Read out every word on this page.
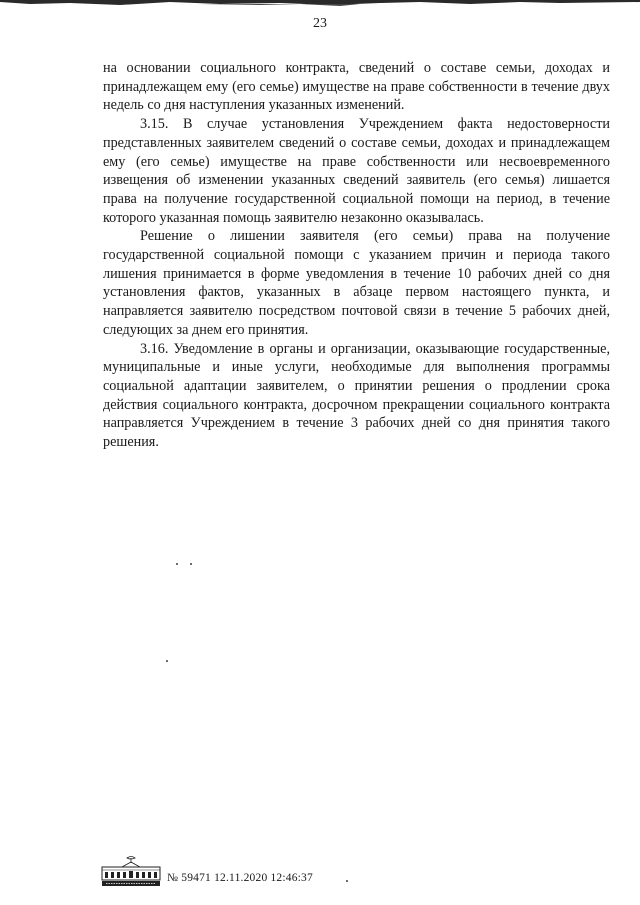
23

на основании социального контракта, сведений о составе семьи, доходах и принадлежащем ему (его семье) имуществе на праве собственности в течение двух недель со дня наступления указанных изменений.

3.15. В случае установления Учреждением факта недостоверности представленных заявителем сведений о составе семьи, доходах и принадлежащем ему (его семье) имуществе на праве собственности или несвоевременного извещения об изменении указанных сведений заявитель (его семья) лишается права на получение государственной социальной помощи на период, в течение которого указанная помощь заявителю незаконно оказывалась.

Решение о лишении заявителя (его семьи) права на получение государственной социальной помощи с указанием причин и периода такого лишения принимается в форме уведомления в течение 10 рабочих дней со дня установления фактов, указанных в абзаце первом настоящего пункта, и направляется заявителю посредством почтовой связи в течение 5 рабочих дней, следующих за днем его принятия.

3.16. Уведомление в органы и организации, оказывающие государственные, муниципальные и иные услуги, необходимые для выполнения программы социальной адаптации заявителем, о принятии решения о продлении срока действия социального контракта, досрочном прекращении социального контракта направляется Учреждением в течение 3 рабочих дней со дня принятия такого решения.

№ 59471 12.11.2020 12:46:37
